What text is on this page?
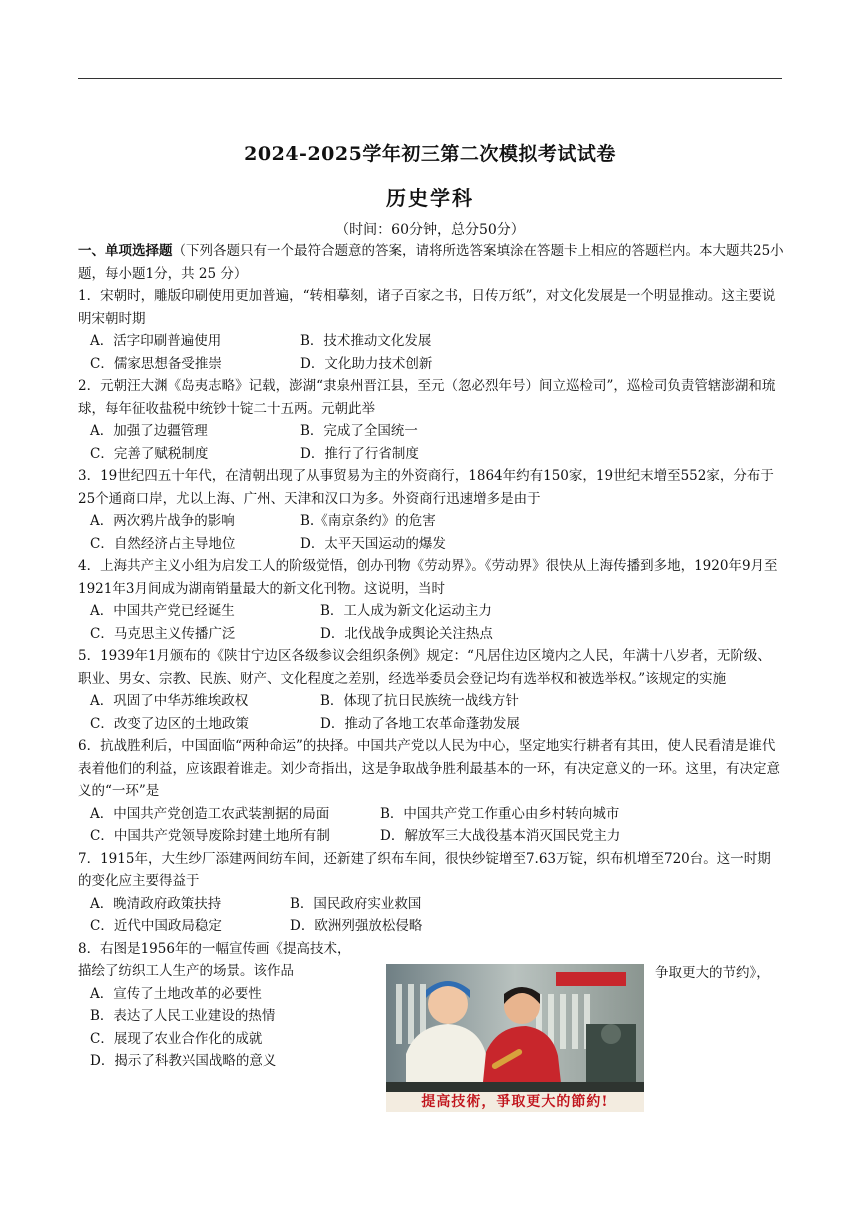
2024-2025学年初三第二次模拟考试试卷
历史学科
（时间：60分钟，总分50分）

一、单项选择题（下列各题只有一个最符合题意的答案，请将所选答案填涂在答题卡上相应的答题栏内。本大题共25小题，每小题1分，共 25 分）

1．宋朝时，雕版印刷使用更加普遍，“转相摹刻，诸子百家之书，日传万纸”，对文化发展是一个明显推动。这主要说明宋朝时期

A．活字印刷普遍使用	B．技术推动文化发展
C．儒家思想备受推崇	D．文化助力技术创新

2．元朝汪大渊《岛夷志略》记载，澎湖“隶泉州晋江县，至元（忽必烈年号）间立巡检司”，巡检司负责管辖澎湖和琉球，每年征收盐税中统钞十锭二十五两。元朝此举

A．加强了边疆管理	B．完成了全国统一
C．完善了赋税制度	D．推行了行省制度

3．19世纪四五十年代，在清朝出现了从事贸易为主的外资商行，1864年约有150家，19世纪末增至552家，分布于25个通商口岸，尤以上海、广州、天津和汉口为多。外资商行迅速增多是由于

A．两次鸦片战争的影响	B.《南京条约》的危害
C．自然经济占主导地位	D．太平天国运动的爆发

4．上海共产主义小组为启发工人的阶级觉悟，创办刊物《劳动界》。《劳动界》很快从上海传播到多地，1920年9月至1921年3月间成为湖南销量最大的新文化刊物。这说明，当时

A．中国共产党已经诞生	B．工人成为新文化运动主力
C．马克思主义传播广泛	D．北伐战争成舆论关注热点

5．1939年1月颁布的《陕甘宁边区各级参议会组织条例》规定：“凡居住边区境内之人民，年满十八岁者，无阶级、职业、男女、宗教、民族、财产、文化程度之差别，经选举委员会登记均有选举权和被选举权。”该规定的实施

A．巩固了中华苏维埃政权	B．体现了抗日民族统一战线方针
C．改变了边区的土地政策	D．推动了各地工农革命蓬勃发展

6．抗战胜利后，中国面临“两种命运”的抉择。中国共产党以人民为中心，坚定地实行耕者有其田，使人民看清是谁代表着他们的利益，应该跟着谁走。刘少奇指出，这是争取战争胜利最基本的一环，有决定意义的一环。这里，有决定意义的“一环”是

A．中国共产党创造工农武装割据的局面	B．中国共产党工作重心由乡村转向城市
C．中国共产党领导废除封建土地所有制	D．解放军三大战役基本消灭国民党主力

7．1915年，大生纱厂添建两间纺车间，还新建了织布车间，很快纱锭增至7.63万锭，织布机增至720台。这一时期的变化应主要得益于

A．晚清政府政策扶持	B．国民政府实业救国
C．近代中国政局稳定	D．欧洲列强放松侵略

8．右图是1956年的一幅宣传画《提高技术，

描绘了纺织工人生产的场景。该作品

A．宣传了土地改革的必要性
B．表达了人民工业建设的热情
C．展现了农业合作化的成就
D．揭示了科教兴国战略的意义
争取更大的节约》，
提高技術，爭取更大的節約!
